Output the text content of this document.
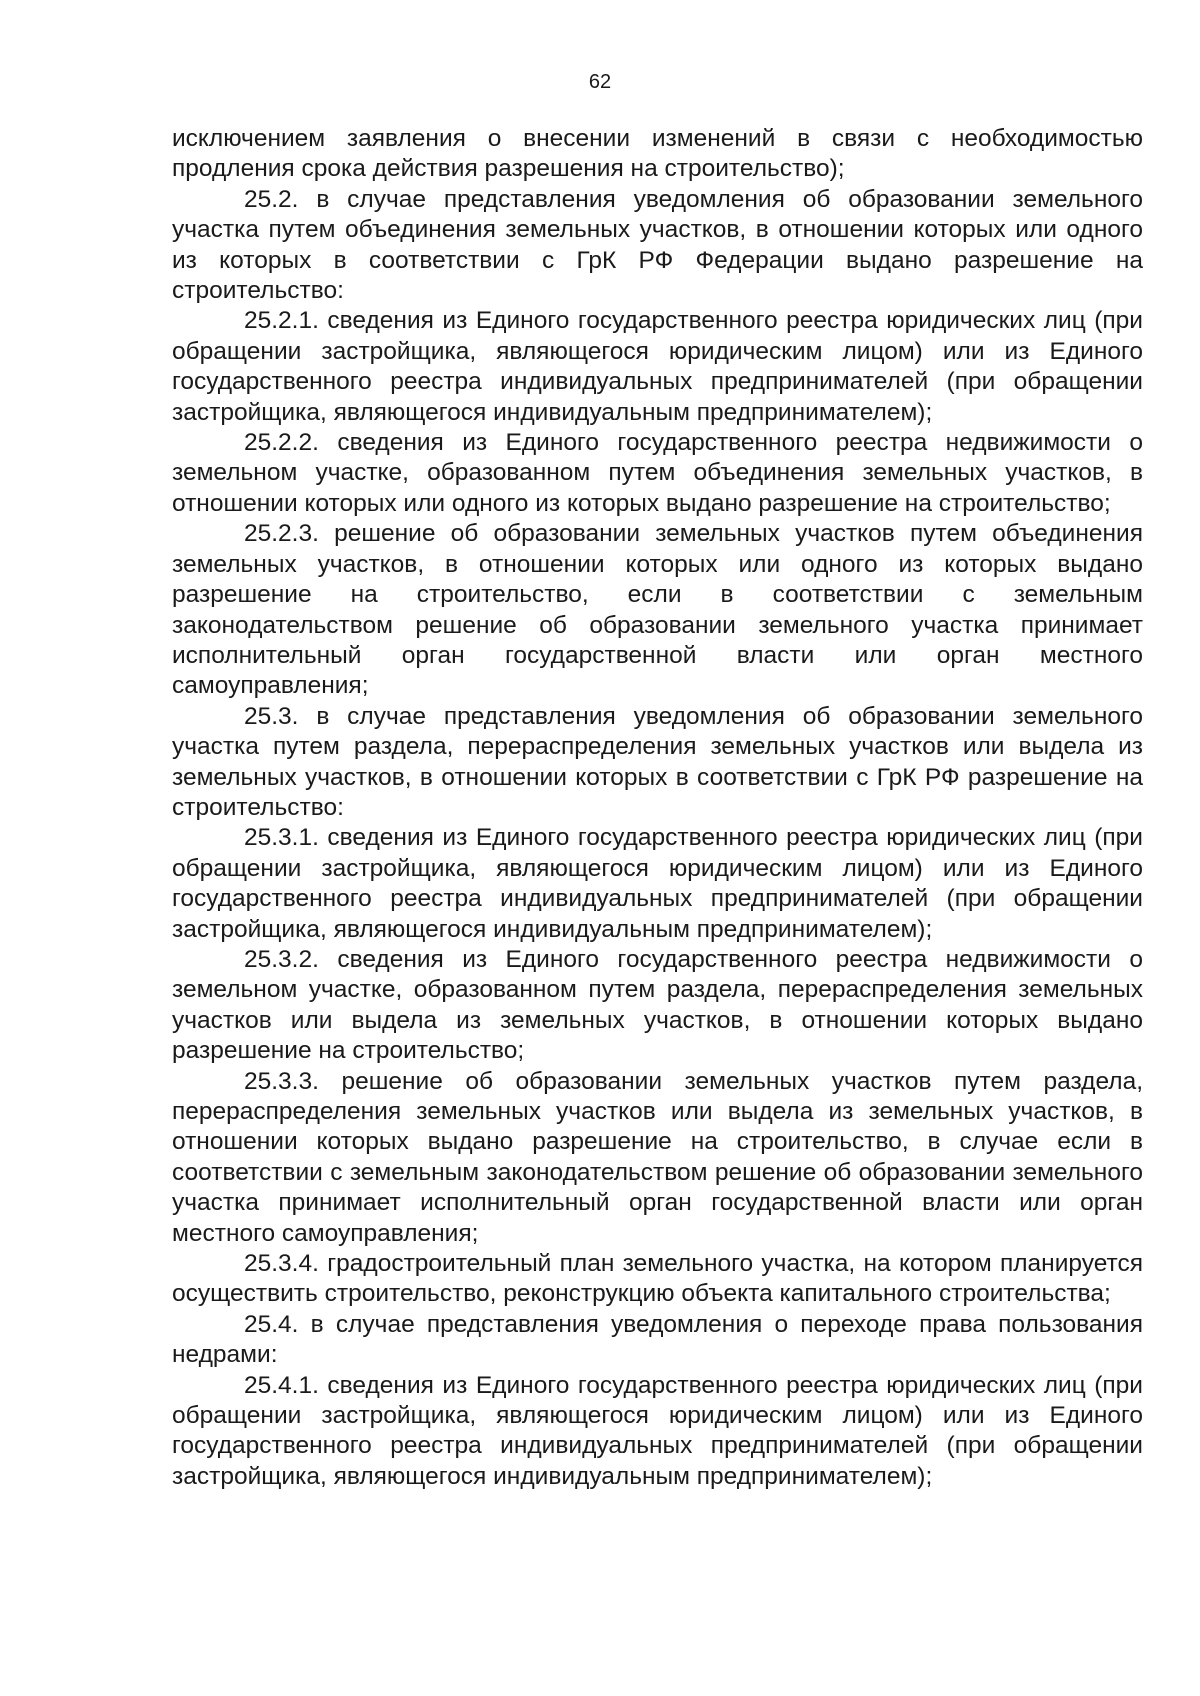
62

исключением заявления о внесении изменений в связи с необходимостью продления срока действия разрешения на строительство);

25.2. в случае представления уведомления об образовании земельного участка путем объединения земельных участков, в отношении которых или одного из которых в соответствии с ГрК РФ Федерации выдано разрешение на строительство:

25.2.1. сведения из Единого государственного реестра юридических лиц (при обращении застройщика, являющегося юридическим лицом) или из Единого государственного реестра индивидуальных предпринимателей (при обращении застройщика, являющегося индивидуальным предпринимателем);

25.2.2. сведения из Единого государственного реестра недвижимости о земельном участке, образованном путем объединения земельных участков, в отношении которых или одного из которых выдано разрешение на строительство;

25.2.3. решение об образовании земельных участков путем объединения земельных участков, в отношении которых или одного из которых выдано разрешение на строительство, если в соответствии с земельным законодательством решение об образовании земельного участка принимает исполнительный орган государственной власти или орган местного самоуправления;

25.3. в случае представления уведомления об образовании земельного участка путем раздела, перераспределения земельных участков или выдела из земельных участков, в отношении которых в соответствии с ГрК РФ разрешение на строительство:

25.3.1. сведения из Единого государственного реестра юридических лиц (при обращении застройщика, являющегося юридическим лицом) или из Единого государственного реестра индивидуальных предпринимателей (при обращении застройщика, являющегося индивидуальным предпринимателем);

25.3.2. сведения из Единого государственного реестра недвижимости о земельном участке, образованном путем раздела, перераспределения земельных участков или выдела из земельных участков, в отношении которых выдано разрешение на строительство;

25.3.3. решение об образовании земельных участков путем раздела, перераспределения земельных участков или выдела из земельных участков, в отношении которых выдано разрешение на строительство, в случае если в соответствии с земельным законодательством решение об образовании земельного участка принимает исполнительный орган государственной власти или орган местного самоуправления;

25.3.4. градостроительный план земельного участка, на котором планируется осуществить строительство, реконструкцию объекта капитального строительства;

25.4. в случае представления уведомления о переходе права пользования недрами:

25.4.1. сведения из Единого государственного реестра юридических лиц (при обращении застройщика, являющегося юридическим лицом) или из Единого государственного реестра индивидуальных предпринимателей (при обращении застройщика, являющегося индивидуальным предпринимателем);
